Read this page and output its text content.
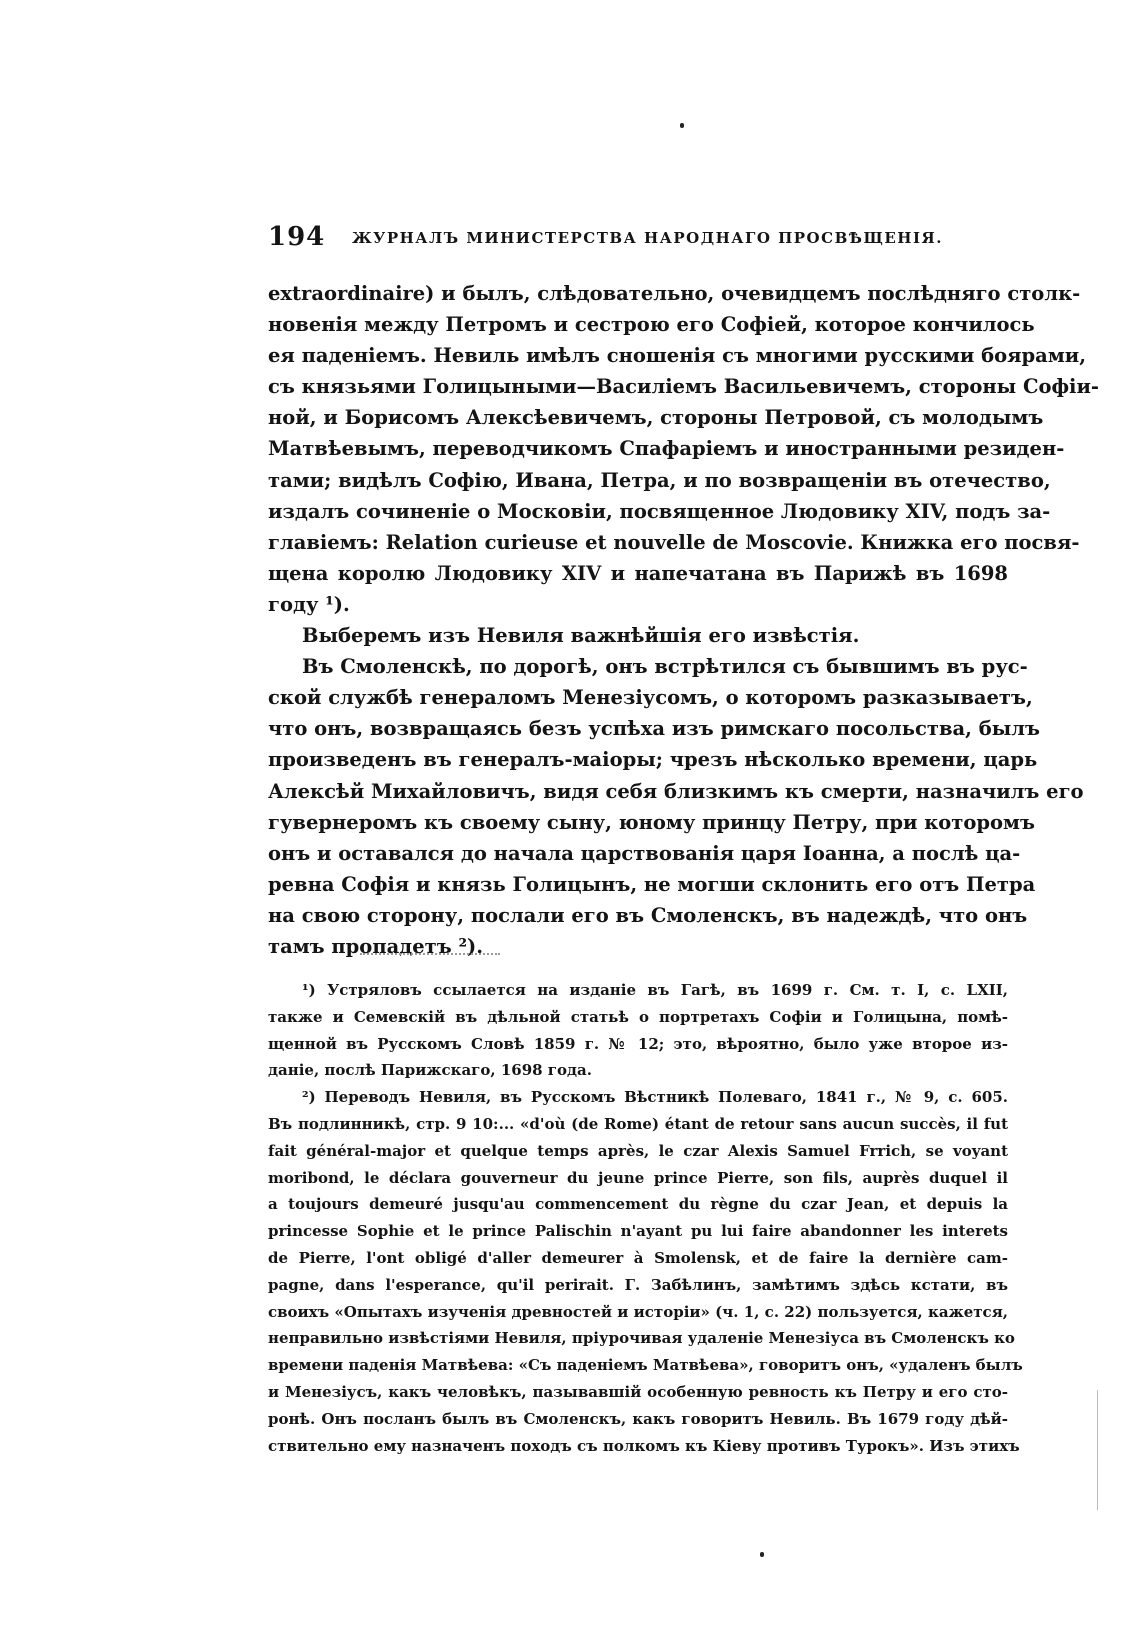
194 ЖУРНАЛЪ МИНИСТЕРСТВА НАРОДНАГО ПРОСВѢЩЕНІЯ.
extraordinaire) и былъ, слѣдовательно, очевидцемъ послѣдняго столк-
новенія между Петромъ и сестрою его Софіей, которое кончилось
ея паденіемъ. Невиль имѣлъ сношенія съ многими русскими боярами,
съ князьями Голицыными—Василіемъ Васильевичемъ, стороны Софіи-
ной, и Борисомъ Алексѣевичемъ, стороны Петровой, съ молодымъ
Матвѣевымъ, переводчикомъ Спафаріемъ и иностранными резиден-
тами; видѣлъ Софію, Ивана, Петра, и по возвращеніи въ отечество,
издалъ сочиненіе о Московіи, посвященное Людовику XIV, подъ за-
главіемъ: Relation curieuse et nouvelle de Moscovie. Книжка его посвя-
щена королю Людовику XIV и напечатана въ Парижѣ въ 1698
году ¹).
Выберемъ изъ Невиля важнѣйшія его извѣстія.
Въ Смоленскѣ, по дорогѣ, онъ встрѣтился съ бывшимъ въ рус-
ской службѣ генераломъ Менезіусомъ, о которомъ разказываетъ,
что онъ, возвращаясь безъ успѣха изъ римскаго посольства, былъ
произведенъ въ генералъ-маіоры; чрезъ нѣсколько времени, царь
Алексѣй Михайловичъ, видя себя близкимъ къ смерти, назначилъ его
гувернеромъ къ своему сыну, юному принцу Петру, при которомъ
онъ и оставался до начала царствованія царя Іоанна, а послѣ ца-
ревна Софія и князь Голицынъ, не могши склонить его отъ Петра
на свою сторону, послали его въ Смоленскъ, въ надеждѣ, что онъ
тамъ пропадетъ ²).
¹) Устряловъ ссылается на изданіе въ Гагѣ, въ 1699 г. См. т. I, с. LXII,
также и Семевскій въ дѣльной статьѣ о портретахъ Софіи и Голицына, помѣ-
щенной въ Русскомъ Словѣ 1859 г. № 12; это, вѣроятно, было уже второе из-
даніе, послѣ Парижскаго, 1698 года.
²) Переводъ Невиля, въ Русскомъ Вѣстникѣ Полеваго, 1841 г., № 9, с. 605.
Въ подлинникѣ, стр. 9 10:... «d'où (de Rome) étant de retour sans aucun succès, il fut
fait général-major et quelque temps après, le czar Alexis Samuel Frrich, se voyant
moribond, le déclara gouverneur du jeune prince Pierre, son fils, auprès duquel il
a toujours demeuré jusqu'au commencement du règne du czar Jean, et depuis la
princesse Sophie et le prince Palischin n'ayant pu lui faire abandonner les interets
de Pierre, l'ont obligé d'aller demeurer à Smolensk, et de faire la dernière cam-
pagne, dans l'esperance, qu'il perirait. Г. Забѣлинъ, замѣтимъ здѣсь кстати, въ
своихъ «Опытахъ изученія древностей и исторіи» (ч. 1, с. 22) пользуется, кажется,
неправильно извѣстіями Невиля, пріурочивая удаленіе Менезіуса въ Смоленскъ ко
времени паденія Матвѣева: «Съ паденіемъ Матвѣева», говоритъ онъ, «удаленъ былъ
и Менезіусъ, какъ человѣкъ, пазывавшій особенную ревность къ Петру и его сто-
ронѣ. Онъ посланъ былъ въ Смоленскъ, какъ говоритъ Невиль. Въ 1679 году дѣй-
ствительно ему назначенъ походъ съ полкомъ къ Кіеву противъ Турокъ». Изъ этихъ
